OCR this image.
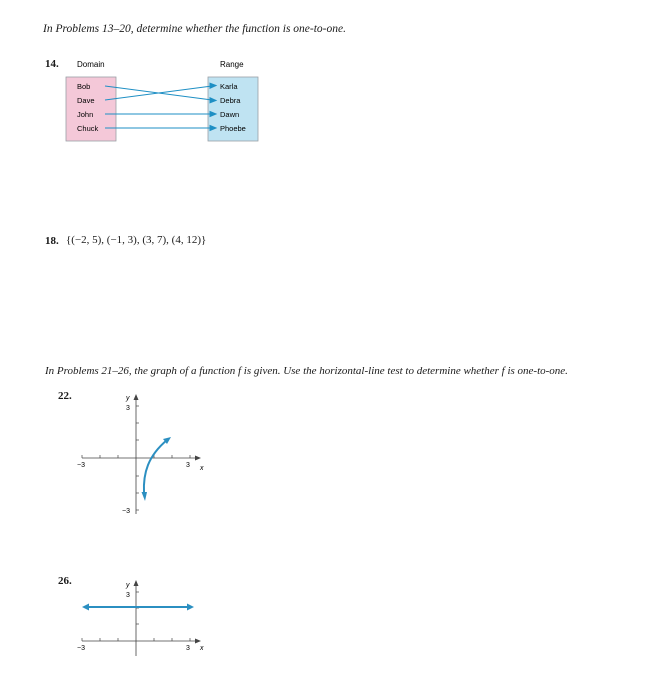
In Problems 13–20, determine whether the function is one-to-one.
14. Domain	Range
Bob
Dave
John
Chuck
Karla
Debra
Dawn
Phoebe
18. {(−2, 5), (−1, 3), (3, 7), (4, 12)}
In Problems 21–26, the graph of a function f is given. Use the horizontal-line test to determine whether f is one-to-one.
22.	y
3
x
−3	3
−3
26.	y
3
x
−3	3
